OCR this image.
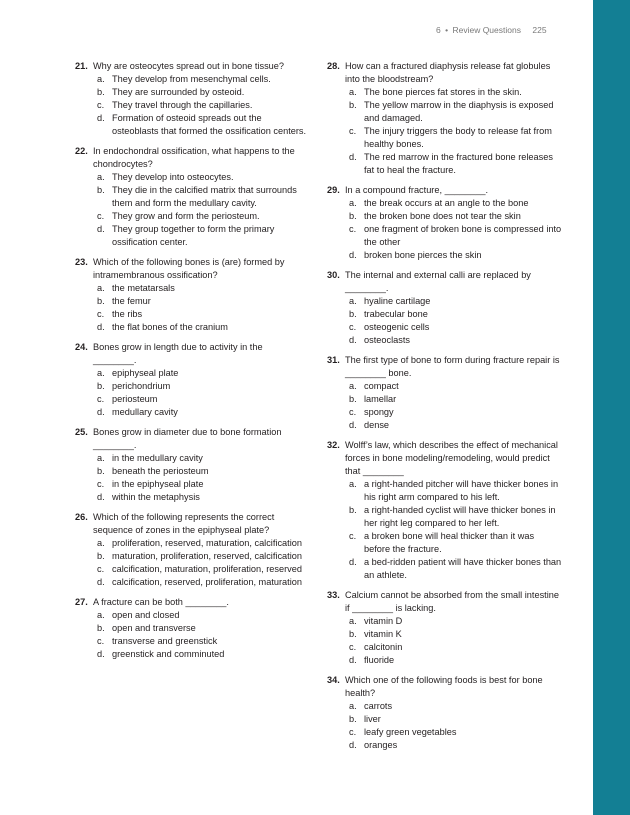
6 • Review Questions 225
21. Why are osteocytes spread out in bone tissue?
a. They develop from mesenchymal cells.
b. They are surrounded by osteoid.
c. They travel through the capillaries.
d. Formation of osteoid spreads out the osteoblasts that formed the ossification centers.
22. In endochondral ossification, what happens to the chondrocytes?
a. They develop into osteocytes.
b. They die in the calcified matrix that surrounds them and form the medullary cavity.
c. They grow and form the periosteum.
d. They group together to form the primary ossification center.
23. Which of the following bones is (are) formed by intramembranous ossification?
a. the metatarsals
b. the femur
c. the ribs
d. the flat bones of the cranium
24. Bones grow in length due to activity in the ________.
a. epiphyseal plate
b. perichondrium
c. periosteum
d. medullary cavity
25. Bones grow in diameter due to bone formation ________.
a. in the medullary cavity
b. beneath the periosteum
c. in the epiphyseal plate
d. within the metaphysis
26. Which of the following represents the correct sequence of zones in the epiphyseal plate?
a. proliferation, reserved, maturation, calcification
b. maturation, proliferation, reserved, calcification
c. calcification, maturation, proliferation, reserved
d. calcification, reserved, proliferation, maturation
27. A fracture can be both ________.
a. open and closed
b. open and transverse
c. transverse and greenstick
d. greenstick and comminuted
28. How can a fractured diaphysis release fat globules into the bloodstream?
a. The bone pierces fat stores in the skin.
b. The yellow marrow in the diaphysis is exposed and damaged.
c. The injury triggers the body to release fat from healthy bones.
d. The red marrow in the fractured bone releases fat to heal the fracture.
29. In a compound fracture, ________.
a. the break occurs at an angle to the bone
b. the broken bone does not tear the skin
c. one fragment of broken bone is compressed into the other
d. broken bone pierces the skin
30. The internal and external calli are replaced by ________.
a. hyaline cartilage
b. trabecular bone
c. osteogenic cells
d. osteoclasts
31. The first type of bone to form during fracture repair is ________ bone.
a. compact
b. lamellar
c. spongy
d. dense
32. Wolff’s law, which describes the effect of mechanical forces in bone modeling/remodeling, would predict that ________
a. a right-handed pitcher will have thicker bones in his right arm compared to his left.
b. a right-handed cyclist will have thicker bones in her right leg compared to her left.
c. a broken bone will heal thicker than it was before the fracture.
d. a bed-ridden patient will have thicker bones than an athlete.
33. Calcium cannot be absorbed from the small intestine if ________ is lacking.
a. vitamin D
b. vitamin K
c. calcitonin
d. fluoride
34. Which one of the following foods is best for bone health?
a. carrots
b. liver
c. leafy green vegetables
d. oranges
